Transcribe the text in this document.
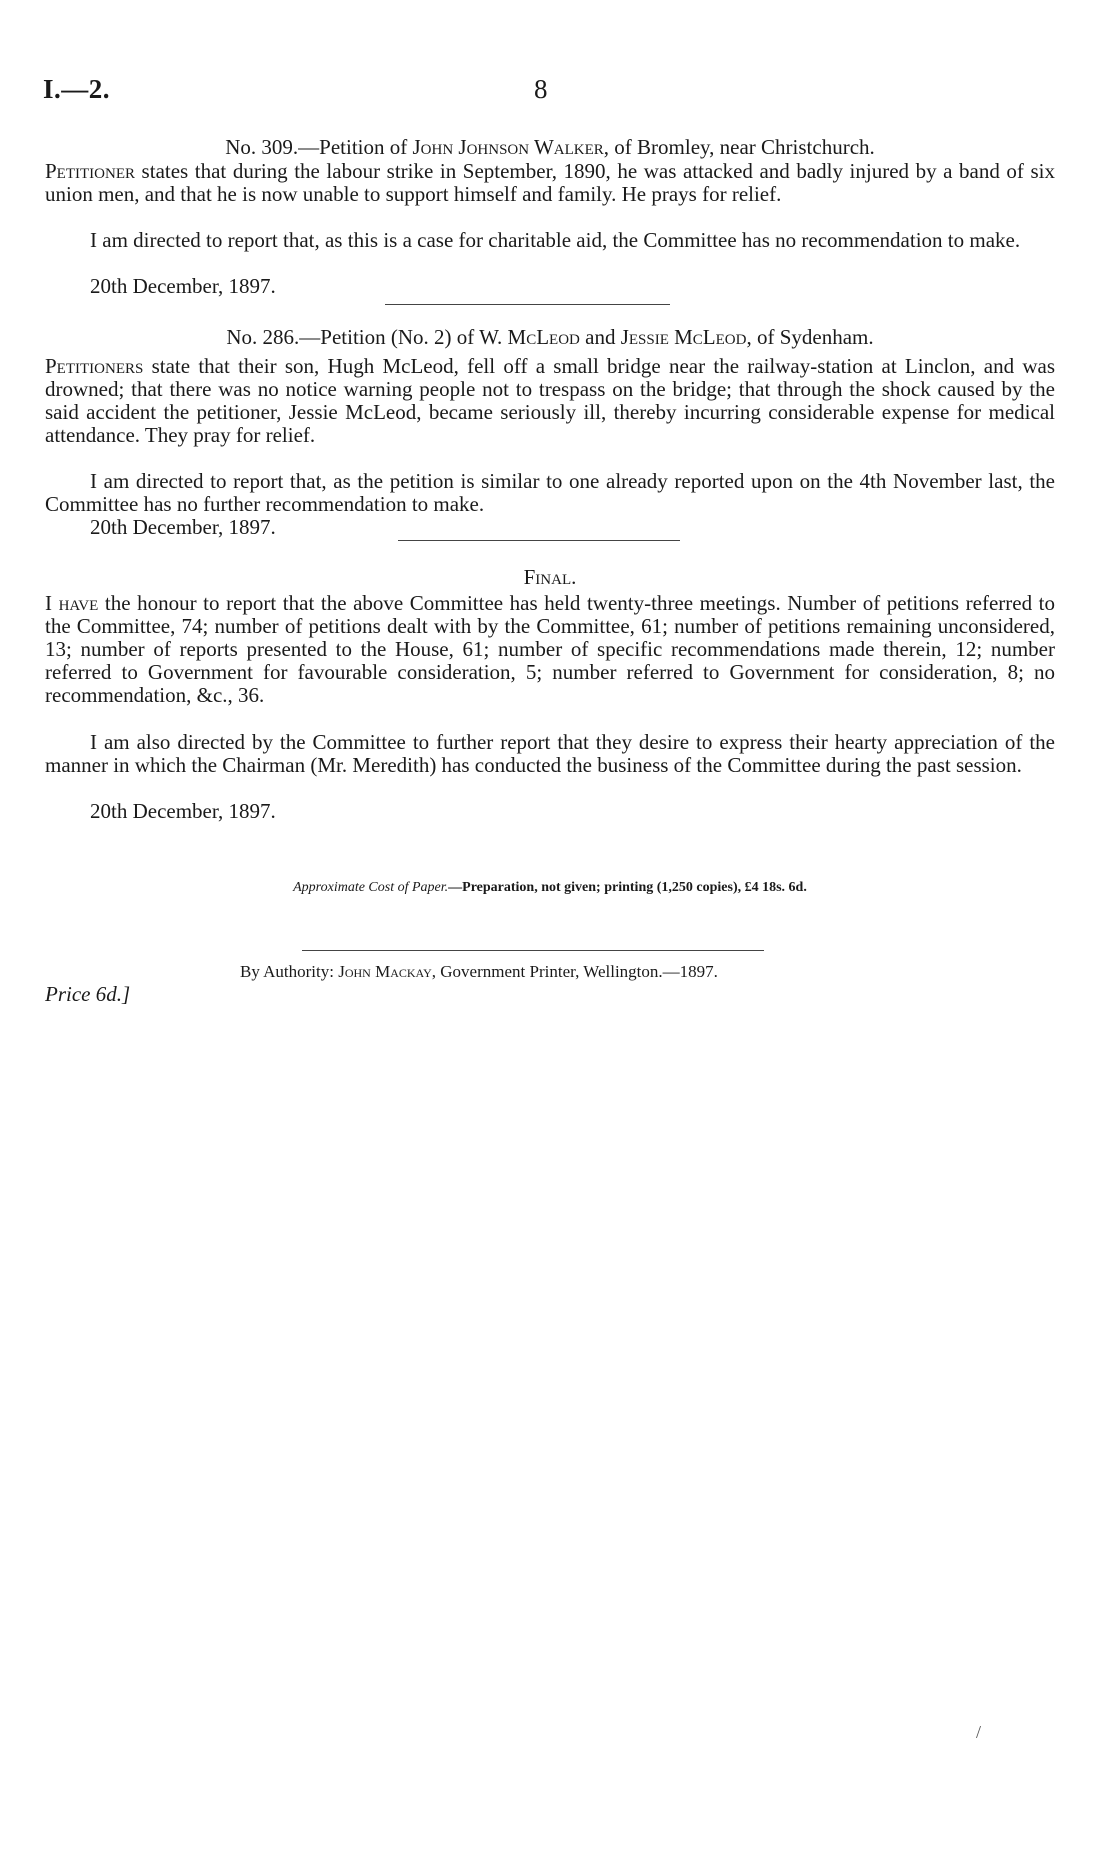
I.—2.	8
No. 309.—Petition of John Johnson Walker, of Bromley, near Christchurch.
Petitioner states that during the labour strike in September, 1890, he was attacked and badly injured by a band of six union men, and that he is now unable to support himself and family. He prays for relief.
I am directed to report that, as this is a case for charitable aid, the Committee has no recommendation to make.
20th December, 1897.
No. 286.—Petition (No. 2) of W. McLeod and Jessie McLeod, of Sydenham.
Petitioners state that their son, Hugh McLeod, fell off a small bridge near the railway-station at Linclon, and was drowned; that there was no notice warning people not to trespass on the bridge; that through the shock caused by the said accident the petitioner, Jessie McLeod, became seriously ill, thereby incurring considerable expense for medical attendance. They pray for relief.
I am directed to report that, as the petition is similar to one already reported upon on the 4th November last, the Committee has no further recommendation to make.
20th December, 1897.
Final.
I have the honour to report that the above Committee has held twenty-three meetings. Number of petitions referred to the Committee, 74; number of petitions dealt with by the Committee, 61; number of petitions remaining unconsidered, 13; number of reports presented to the House, 61; number of specific recommendations made therein, 12; number referred to Government for favourable consideration, 5; number referred to Government for consideration, 8; no recommendation, &c., 36.
I am also directed by the Committee to further report that they desire to express their hearty appreciation of the manner in which the Chairman (Mr. Meredith) has conducted the business of the Committee during the past session.
20th December, 1897.
Approximate Cost of Paper.—Preparation, not given; printing (1,250 copies), £4 18s. 6d.
Price 6d.]
By Authority: John Mackay, Government Printer, Wellington.—1897.
/
